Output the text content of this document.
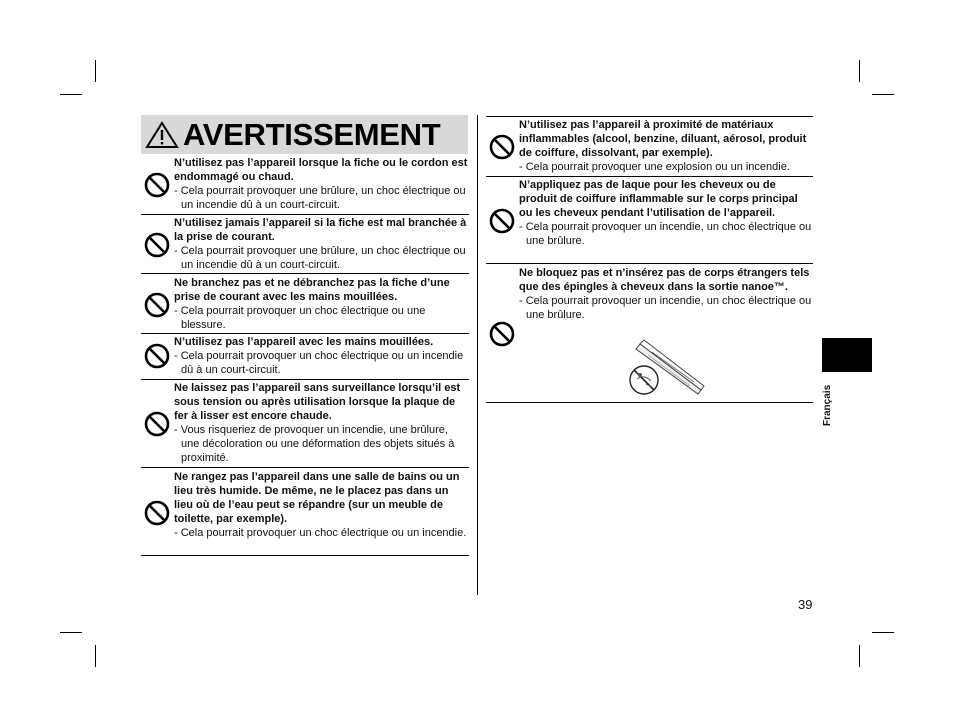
AVERTISSEMENT
N’utilisez pas l’appareil lorsque la fiche ou le cordon est endommagé ou chaud.
- Cela pourrait provoquer une brûlure, un choc électrique ou un incendie dû à un court-circuit.
N’utilisez jamais l’appareil si la fiche est mal branchée à la prise de courant.
- Cela pourrait provoquer une brûlure, un choc électrique ou un incendie dû à un court-circuit.
Ne branchez pas et ne débranchez pas la fiche d’une prise de courant avec les mains mouillées.
- Cela pourrait provoquer un choc électrique ou une blessure.
N’utilisez pas l’appareil avec les mains mouillées.
- Cela pourrait provoquer un choc électrique ou un incendie dû à un court-circuit.
Ne laissez pas l’appareil sans surveillance lorsqu’il est sous tension ou après utilisation lorsque la plaque de fer à lisser est encore chaude.
- Vous risqueriez de provoquer un incendie, une brûlure, une décoloration ou une déformation des objets situés à proximité.
Ne rangez pas l’appareil dans une salle de bains ou un lieu très humide. De même, ne le placez pas dans un lieu où de l’eau peut se répandre (sur un meuble de toilette, par exemple).
- Cela pourrait provoquer un choc électrique ou un incendie.
N’utilisez pas l’appareil à proximité de matériaux inflammables (alcool, benzine, diluant, aérosol, produit de coiffure, dissolvant, par exemple).
- Cela pourrait provoquer une explosion ou un incendie.
N’appliquez pas de laque pour les cheveux ou de produit de coiffure inflammable sur le corps principal ou les cheveux pendant l’utilisation de l’appareil.
- Cela pourrait provoquer un incendie, un choc électrique ou une brûlure.
Ne bloquez pas et n’insérez pas de corps étrangers tels que des épingles à cheveux dans la sortie nanoe™.
- Cela pourrait provoquer un incendie, un choc électrique ou une brûlure.
Français
39
